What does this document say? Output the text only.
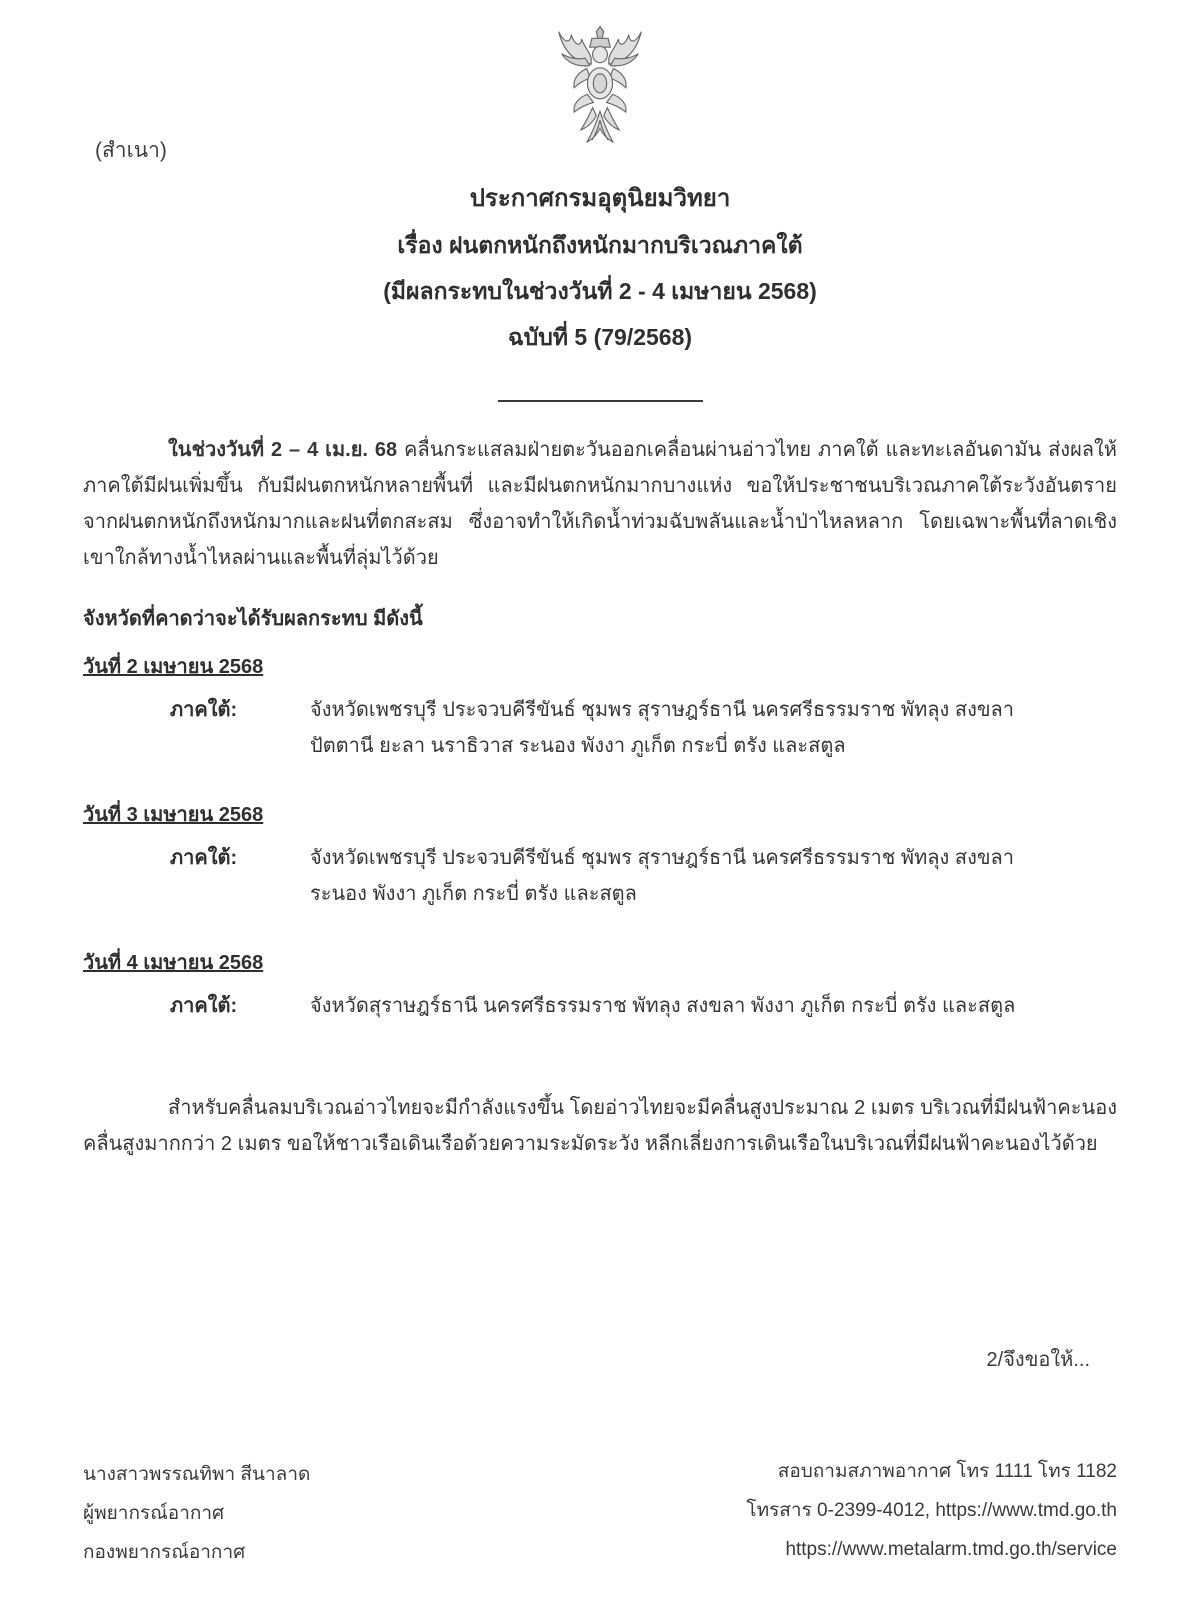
(สำเนา)
ประกาศกรมอุตุนิยมวิทยา
เรื่อง ฝนตกหนักถึงหนักมากบริเวณภาคใต้
(มีผลกระทบในช่วงวันที่ 2 - 4 เมษายน 2568)
ฉบับที่ 5 (79/2568)
ในช่วงวันที่ 2 – 4 เม.ย. 68 คลื่นกระแสลมฝ่ายตะวันออกเคลื่อนผ่านอ่าวไทย ภาคใต้ และทะเลอันดามัน ส่งผลให้ภาคใต้มีฝนเพิ่มขึ้น กับมีฝนตกหนักหลายพื้นที่ และมีฝนตกหนักมากบางแห่ง ขอให้ประชาชนบริเวณภาคใต้ระวังอันตรายจากฝนตกหนักถึงหนักมากและฝนที่ตกสะสม ซึ่งอาจทำให้เกิดน้ำท่วมฉับพลันและน้ำป่าไหลหลาก โดยเฉพาะพื้นที่ลาดเชิงเขาใกล้ทางน้ำไหลผ่านและพื้นที่ลุ่มไว้ด้วย
จังหวัดที่คาดว่าจะได้รับผลกระทบ มีดังนี้
วันที่ 2 เมษายน 2568
ภาคใต้:	จังหวัดเพชรบุรี ประจวบคีรีขันธ์ ชุมพร สุราษฎร์ธานี นครศรีธรรมราช พัทลุง สงขลา ปัตตานี ยะลา นราธิวาส ระนอง พังงา ภูเก็ต กระบี่ ตรัง และสตูล
วันที่ 3 เมษายน 2568
ภาคใต้:	จังหวัดเพชรบุรี ประจวบคีรีขันธ์ ชุมพร สุราษฎร์ธานี นครศรีธรรมราช พัทลุง สงขลา ระนอง พังงา ภูเก็ต กระบี่ ตรัง และสตูล
วันที่ 4 เมษายน 2568
ภาคใต้:	จังหวัดสุราษฎร์ธานี นครศรีธรรมราช พัทลุง สงขลา พังงา ภูเก็ต กระบี่ ตรัง และสตูล
สำหรับคลื่นลมบริเวณอ่าวไทยจะมีกำลังแรงขึ้น โดยอ่าวไทยจะมีคลื่นสูงประมาณ 2 เมตร บริเวณที่มีฝนฟ้าคะนองคลื่นสูงมากกว่า 2 เมตร ขอให้ชาวเรือเดินเรือด้วยความระมัดระวัง หลีกเลี่ยงการเดินเรือในบริเวณที่มีฝนฟ้าคะนองไว้ด้วย
2/จึงขอให้...
นางสาวพรรณทิพา สีนาลาด
ผู้พยากรณ์อากาศ
กองพยากรณ์อากาศ
สอบถามสภาพอากาศ โทร 1111 โทร 1182
โทรสาร 0-2399-4012, https://www.tmd.go.th
https://www.metalarm.tmd.go.th/service
